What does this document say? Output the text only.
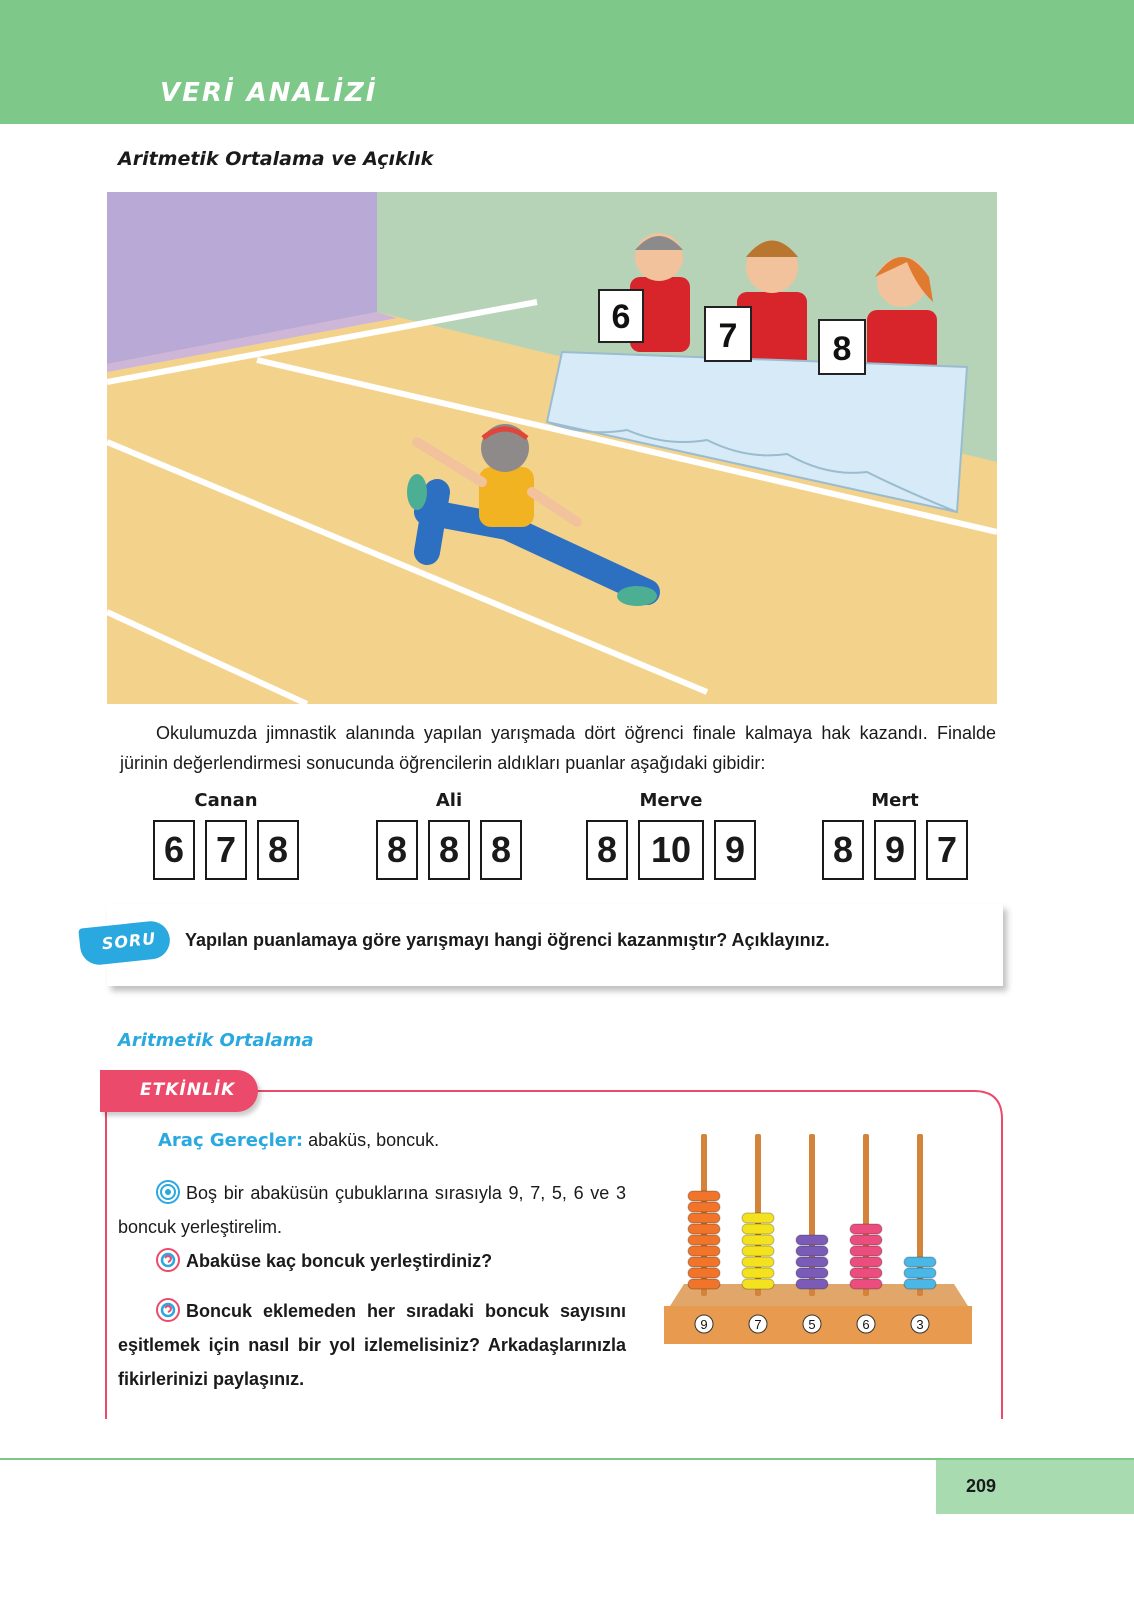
VERİ ANALİZİ
Aritmetik Ortalama ve Açıklık
6	7	8

Okulumuzda jimnastik alanında yapılan yarışmada dört öğrenci finale kalmaya hak kazandı. Finalde jürinin değerlendirmesi sonucunda öğrencilerin aldıkları puanlar aşağıdaki gibidir:

Canan
6 7 8
Ali
8 8 8
Merve
8 10 9
Mert
8 9 7
SORU Yapılan puanlamaya göre yarışmayı hangi öğrenci kazanmıştır? Açıklayınız.
Aritmetik Ortalama
ETKİNLİK
Araç Gereçler: abaküs, boncuk.

Boş bir abaküsün çubuklarına sırasıyla 9, 7, 5, 6 ve 3 boncuk yerleştirelim.

Abaküse kaç boncuk yerleştirdiniz?

Boncuk eklemeden her sıradaki boncuk sayısını eşitlemek için nasıl bir yol izlemelisiniz? Arkadaşlarınızla fikirlerinizi paylaşınız.

9	7	5	6	3
209
